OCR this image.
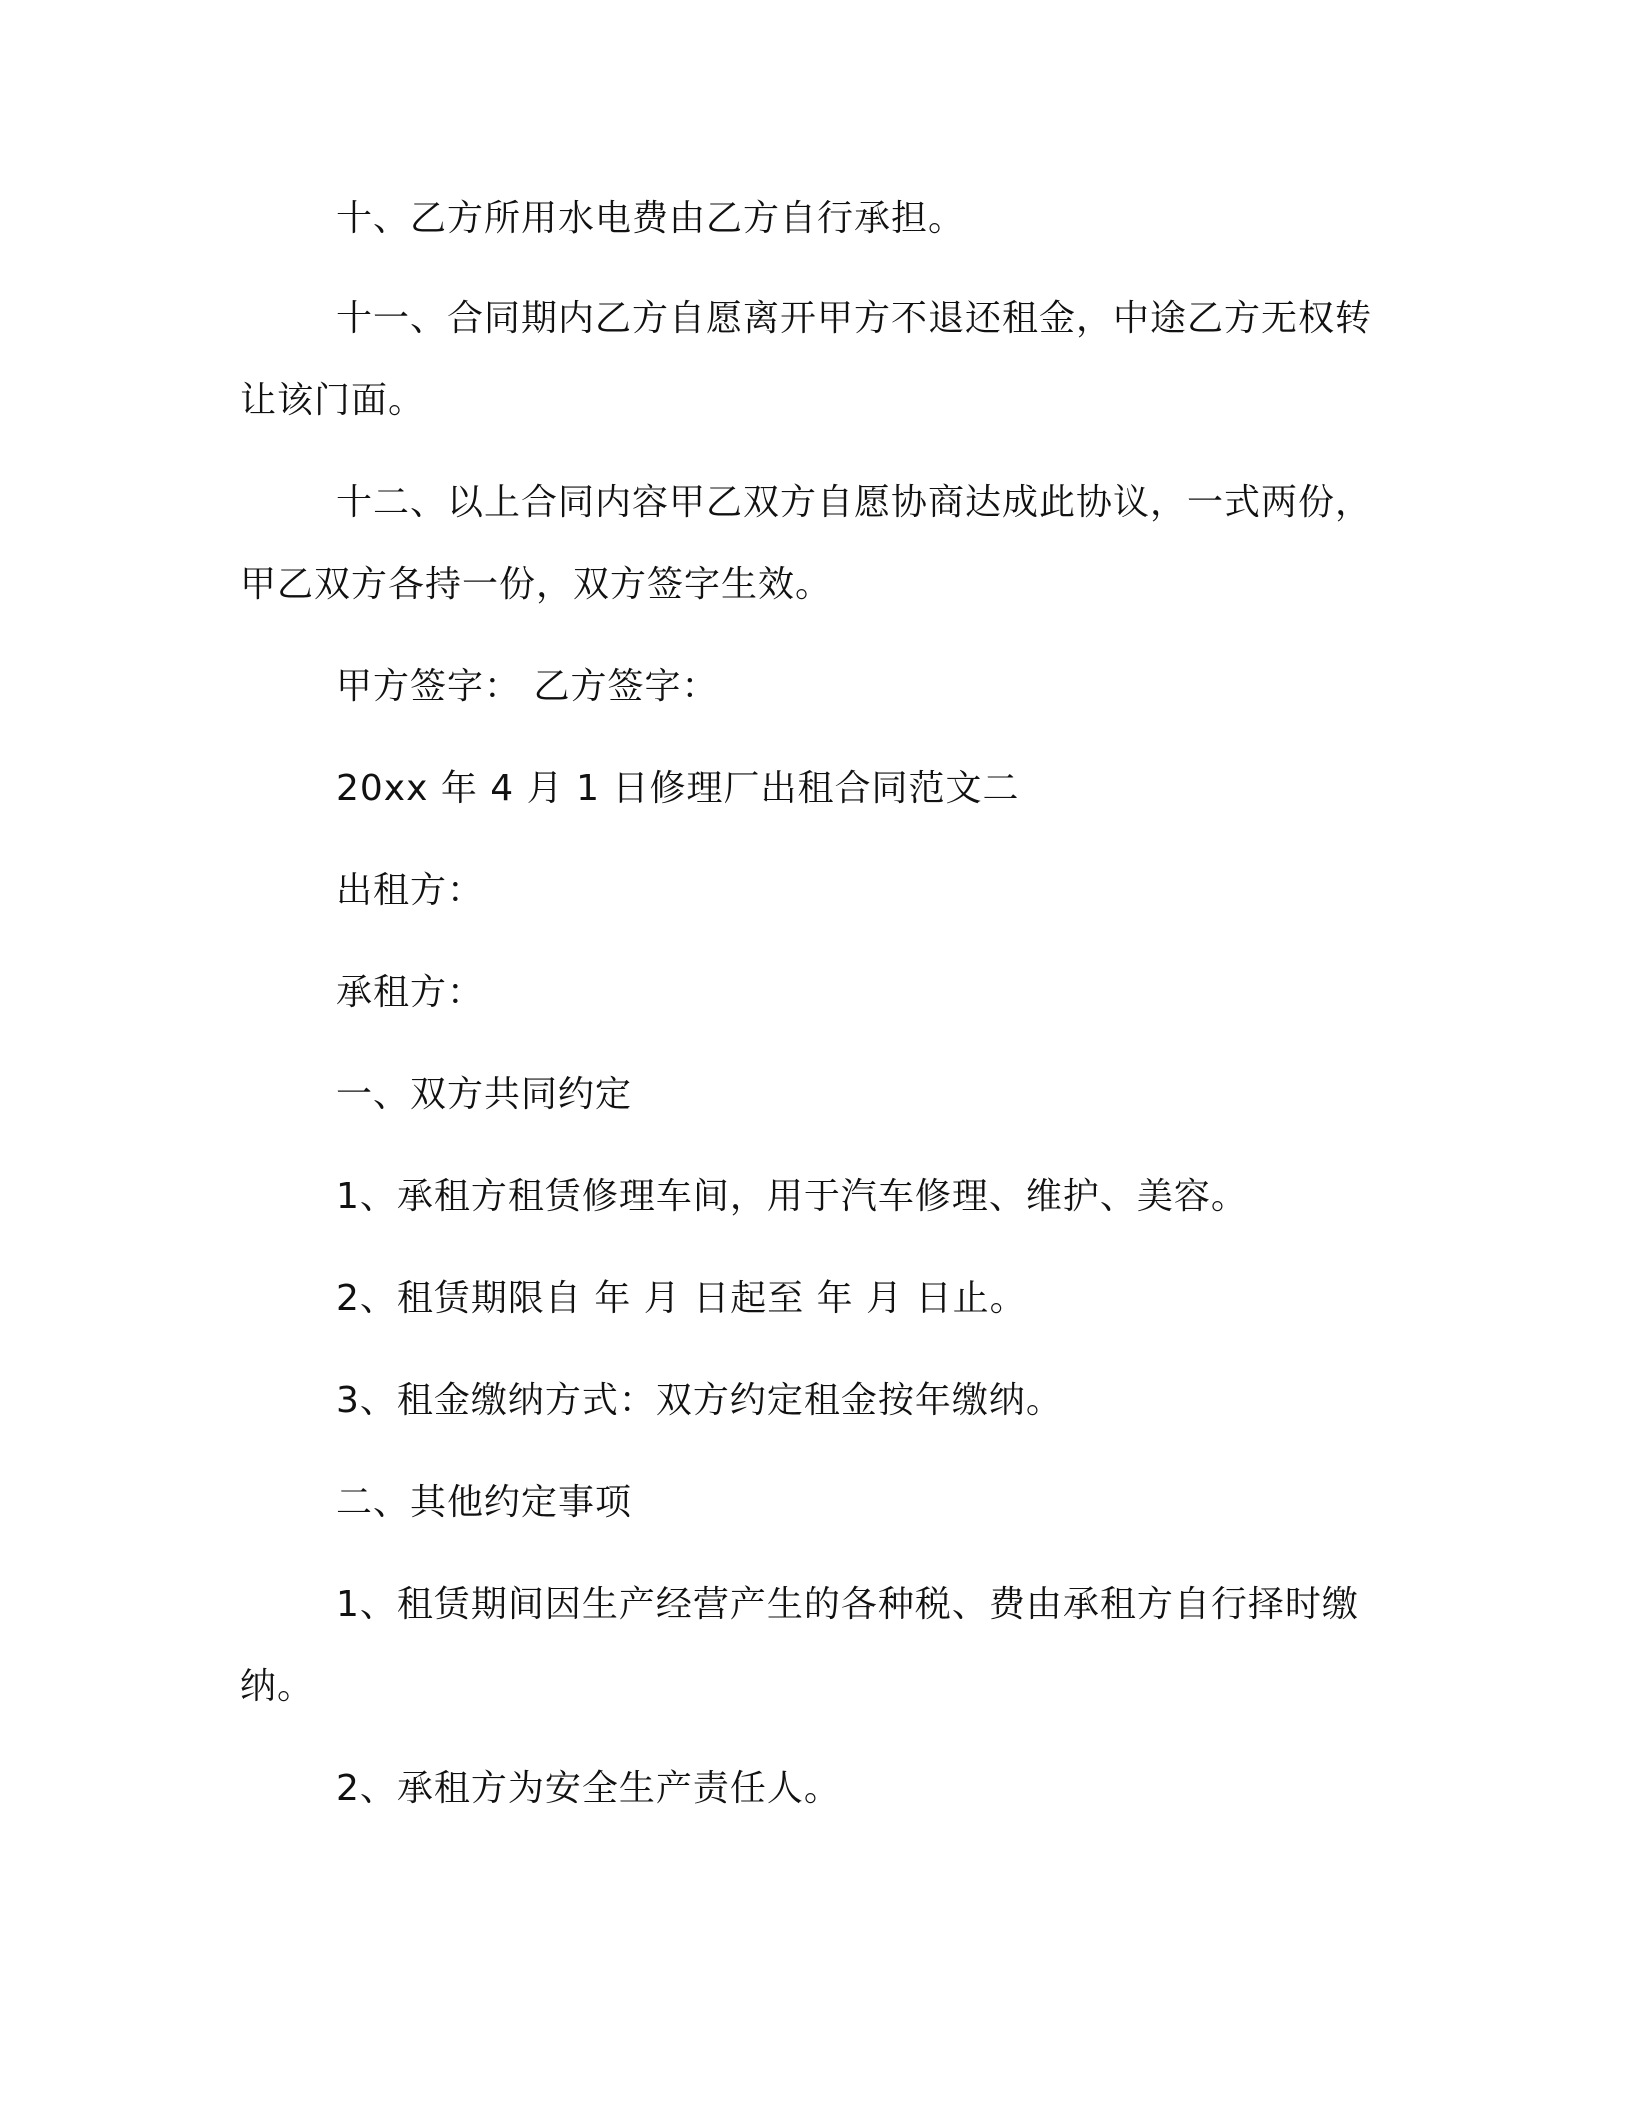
十、乙方所用水电费由乙方自行承担。

十一、合同期内乙方自愿离开甲方不退还租金，中途乙方无权转让该门面。

十二、以上合同内容甲乙双方自愿协商达成此协议，一式两份，甲乙双方各持一份，双方签字生效。

甲方签字： 乙方签字：

20xx 年 4 月 1 日修理厂出租合同范文二

出租方：

承租方：

一、双方共同约定

1、承租方租赁修理车间，用于汽车修理、维护、美容。

2、租赁期限自 年 月 日起至 年 月 日止。

3、租金缴纳方式：双方约定租金按年缴纳。

二、其他约定事项

1、租赁期间因生产经营产生的各种税、费由承租方自行择时缴纳。

2、承租方为安全生产责任人。
